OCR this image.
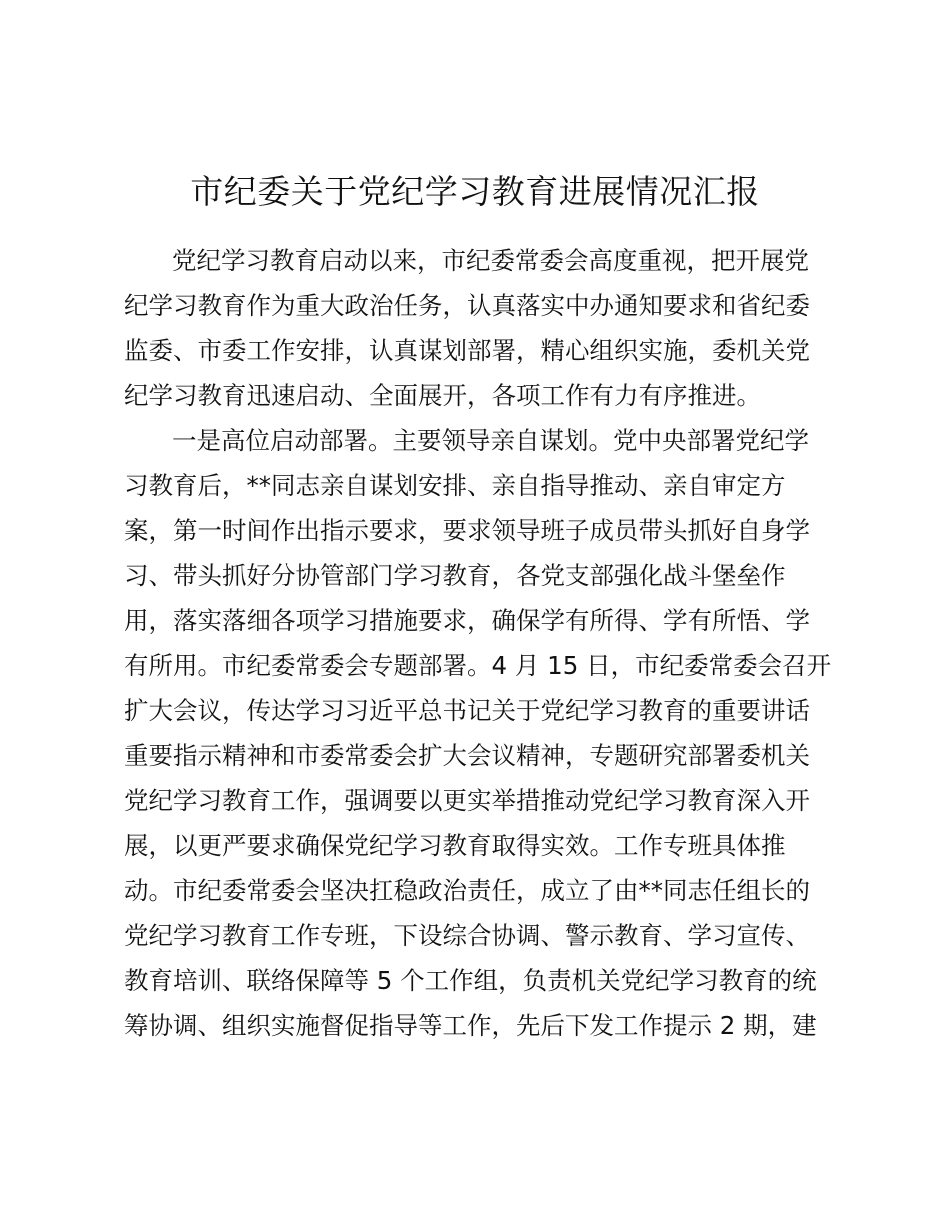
市纪委关于党纪学习教育进展情况汇报
党纪学习教育启动以来，市纪委常委会高度重视，把开展党
纪学习教育作为重大政治任务，认真落实中办通知要求和省纪委
监委、市委工作安排，认真谋划部署，精心组织实施，委机关党
纪学习教育迅速启动、全面展开，各项工作有力有序推进。
一是高位启动部署。主要领导亲自谋划。党中央部署党纪学
习教育后，**同志亲自谋划安排、亲自指导推动、亲自审定方
案，第一时间作出指示要求，要求领导班子成员带头抓好自身学
习、带头抓好分协管部门学习教育，各党支部强化战斗堡垒作
用，落实落细各项学习措施要求，确保学有所得、学有所悟、学
有所用。市纪委常委会专题部署。4 月 15 日，市纪委常委会召开
扩大会议，传达学习习近平总书记关于党纪学习教育的重要讲话
重要指示精神和市委常委会扩大会议精神，专题研究部署委机关
党纪学习教育工作，强调要以更实举措推动党纪学习教育深入开
展，以更严要求确保党纪学习教育取得实效。工作专班具体推
动。市纪委常委会坚决扛稳政治责任，成立了由**同志任组长的
党纪学习教育工作专班，下设综合协调、警示教育、学习宣传、
教育培训、联络保障等 5 个工作组，负责机关党纪学习教育的统
筹协调、组织实施督促指导等工作，先后下发工作提示 2 期，建
